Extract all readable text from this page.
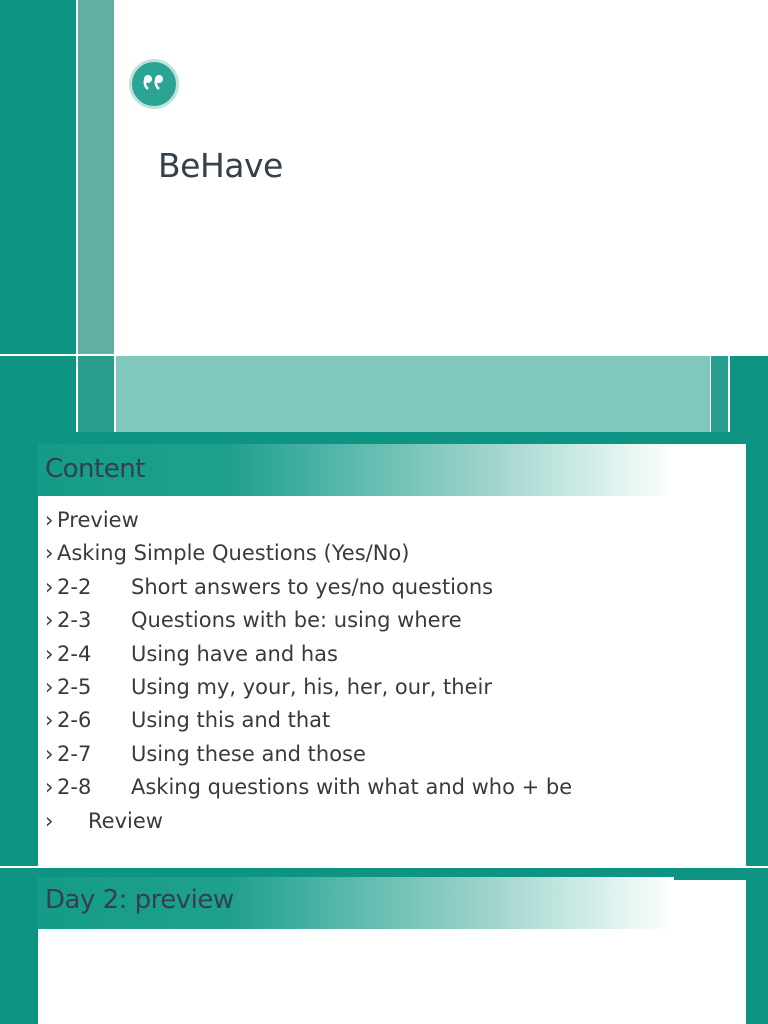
BeHave
Content
› Preview
› Asking Simple Questions (Yes/No)
› 2-2	Short answers to yes/no questions
› 2-3	Questions with be: using where
› 2-4	Using have and has
› 2-5	Using my, your, his, her, our, their
› 2-6	Using this and that
› 2-7	Using these and those
› 2-8	Asking questions with what and who + be
› Review
Day 2: preview
